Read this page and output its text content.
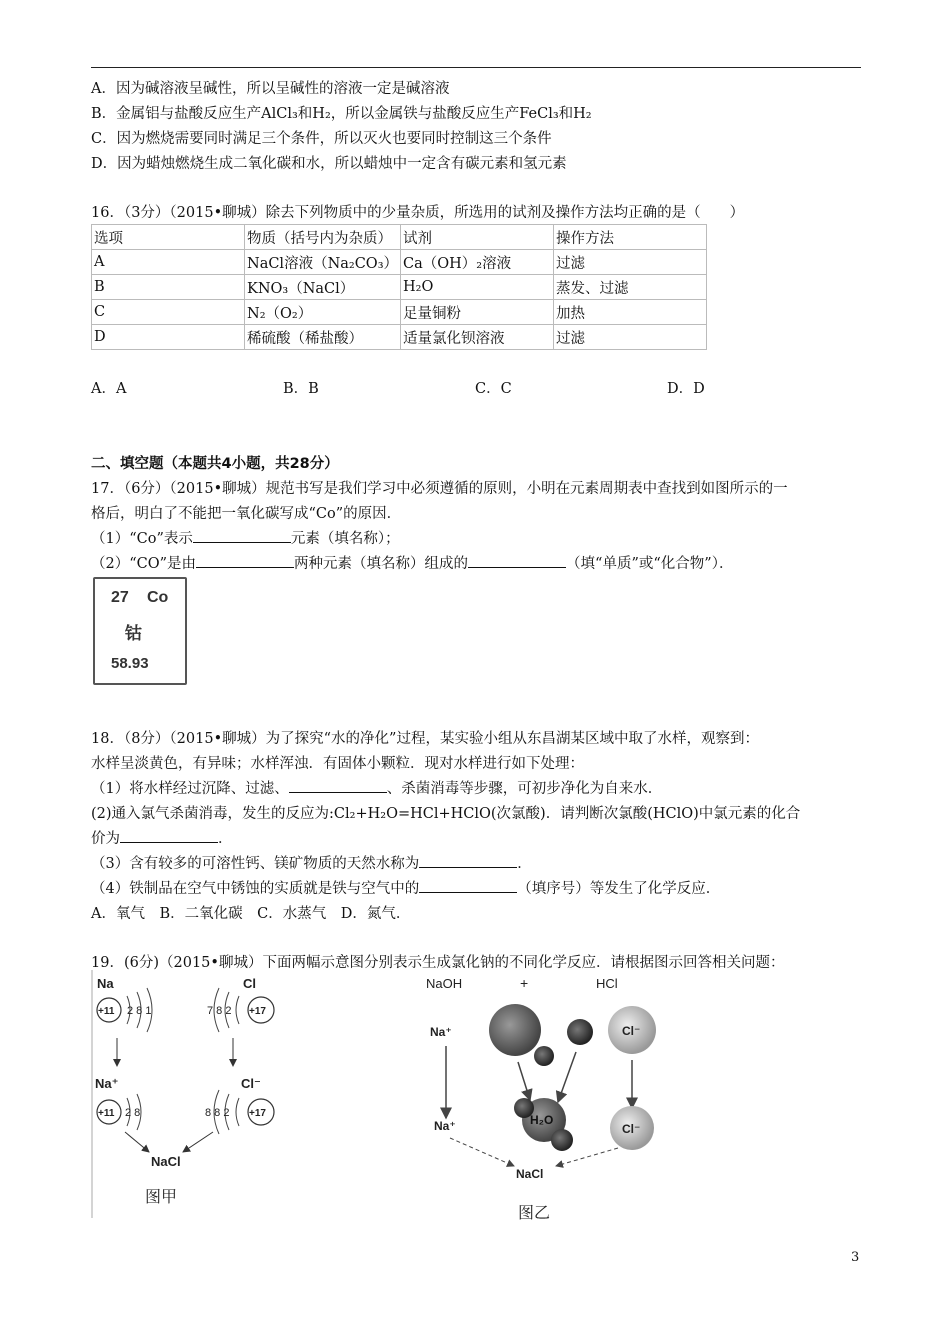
A．因为碱溶液呈碱性，所以呈碱性的溶液一定是碱溶液
B．金属铝与盐酸反应生产AlCl₃和H₂，所以金属铁与盐酸反应生产FeCl₃和H₂
C．因为燃烧需要同时满足三个条件，所以灭火也要同时控制这三个条件
D．因为蜡烛燃烧生成二氧化碳和水，所以蜡烛中一定含有碳元素和氢元素
16．（3分）（2015•聊城）除去下列物质中的少量杂质，所选用的试剂及操作方法均正确的是（　　）
选项	物质（括号内为杂质）	试剂	操作方法
A	NaCl溶液（Na₂CO₃）	Ca（OH）₂溶液	过滤
B	KNO₃（NaCl）	H₂O	蒸发、过滤
C	N₂（O₂）	足量铜粉	加热
D	稀硫酸（稀盐酸）	适量氯化钡溶液	过滤
A．A	B．B	C．C	D．D
二、填空题（本题共4小题，共28分）
17．（6分）（2015•聊城）规范书写是我们学习中必须遵循的原则，小明在元素周期表中查找到如图所示的一
格后，明白了不能把一氧化碳写成“Co”的原因．
（1）“Co”表示	元素（填名称）；
（2）“CO”是由	两种元素（填名称）组成的	（填“单质”或“化合物”）．
27 Co
钴
58.93
18．（8分）（2015•聊城）为了探究“水的净化”过程，某实验小组从东昌湖某区域中取了水样，观察到：
水样呈淡黄色，有异味；水样浑浊．有固体小颗粒．现对水样进行如下处理：
（1）将水样经过沉降、过滤、	、杀菌消毒等步骤，可初步净化为自来水．
(2)通入氯气杀菌消毒，发生的反应为:Cl₂+H₂O=HCl+HClO(次氯酸)．请判断次氯酸(HClO)中氯元素的化合
价为	．
（3）含有较多的可溶性钙、镁矿物质的天然水称为	．
（4）铁制品在空气中锈蚀的实质就是铁与空气中的	（填序号）等发生了化学反应．
A．氧气　B．二氧化碳　C．水蒸气　D．氮气．
19．(6分)（2015•聊城）下面两幅示意图分别表示生成氯化钠的不同化学反应．请根据图示回答相关问题：
Na
+11 2 8 1
Cl
+17
7 8 2
Na⁺
+11 2 8
Cl⁻
+17
8 8 2
NaCl
图甲
NaOH	+	HCl
Na⁺	Cl⁻
H₂O
Na⁺	Cl⁻
NaCl
图乙
3
